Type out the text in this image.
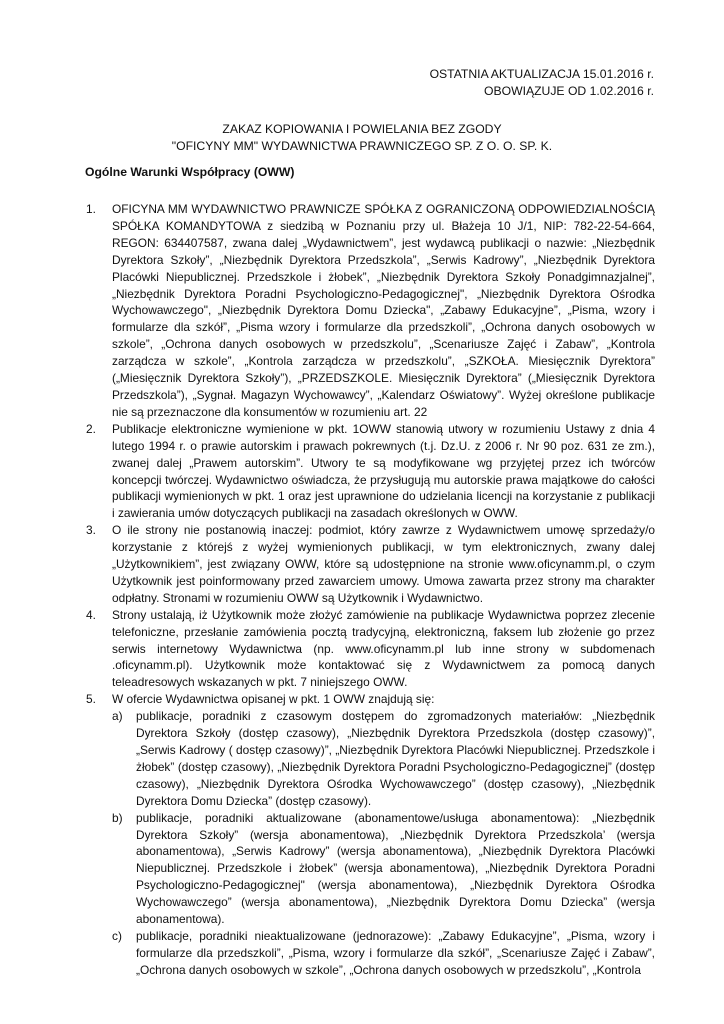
OSTATNIA AKTUALIZACJA 15.01.2016 r.
OBOWIĄZUJE OD 1.02.2016 r.
ZAKAZ KOPIOWANIA I POWIELANIA BEZ ZGODY
"OFICYNY MM" WYDAWNICTWA PRAWNICZEGO SP. Z O. O. SP. K.
Ogólne Warunki Współpracy (OWW)
1. OFICYNA MM WYDAWNICTWO PRAWNICZE SPÓŁKA Z OGRANICZONĄ ODPOWIEDZIALNOŚCIĄ SPÓŁKA KOMANDYTOWA z siedzibą w Poznaniu przy ul. Błażeja 10 J/1, NIP: 782-22-54-664, REGON: 634407587, zwana dalej „Wydawnictwem”, jest wydawcą publikacji o nazwie: „Niezbędnik Dyrektora Szkoły”, „Niezbędnik Dyrektora Przedszkola”, „Serwis Kadrowy”, „Niezbędnik Dyrektora Placówki Niepublicznej. Przedszkole i żłobek”, „Niezbędnik Dyrektora Szkoły Ponadgimnazjalnej”, „Niezbędnik Dyrektora Poradni Psychologiczno-Pedagogicznej", „Niezbędnik Dyrektora Ośrodka Wychowawczego", „Niezbędnik Dyrektora Domu Dziecka", „Zabawy Edukacyjne”, „Pisma, wzory i formularze dla szkół”, „Pisma wzory i formularze dla przedszkoli”, „Ochrona danych osobowych w szkole”, „Ochrona danych osobowych w przedszkolu”, „Scenariusze Zajęć i Zabaw”, „Kontrola zarządcza w szkole”, „Kontrola zarządcza w przedszkolu”, „SZKOŁA. Miesięcznik Dyrektora” („Miesięcznik Dyrektora Szkoły”), „PRZEDSZKOLE. Miesięcznik Dyrektora” („Miesięcznik Dyrektora Przedszkola”), „Sygnał. Magazyn Wychowawcy”, „Kalendarz Oświatowy”. Wyżej określone publikacje nie są przeznaczone dla konsumentów w rozumieniu art. 22
2. Publikacje elektroniczne wymienione w pkt. 1OWW stanowią utwory w rozumieniu Ustawy z dnia 4 lutego 1994 r. o prawie autorskim i prawach pokrewnych (t.j. Dz.U. z 2006 r. Nr 90 poz. 631 ze zm.), zwanej dalej „Prawem autorskim”. Utwory te są modyfikowane wg przyjętej przez ich twórców koncepcji twórczej. Wydawnictwo oświadcza, że przysługują mu autorskie prawa majątkowe do całości publikacji wymienionych w pkt. 1 oraz jest uprawnione do udzielania licencji na korzystanie z publikacji i zawierania umów dotyczących publikacji na zasadach określonych w OWW.
3. O ile strony nie postanowią inaczej: podmiot, który zawrze z Wydawnictwem umowę sprzedaży/o korzystanie z którejś z wyżej wymienionych publikacji, w tym elektronicznych, zwany dalej „Użytkownikiem”, jest związany OWW, które są udostępnione na stronie www.oficynamm.pl, o czym Użytkownik jest poinformowany przed zawarciem umowy. Umowa zawarta przez strony ma charakter odpłatny. Stronami w rozumieniu OWW są Użytkownik i Wydawnictwo.
4. Strony ustalają, iż Użytkownik może złożyć zamówienie na publikacje Wydawnictwa poprzez zlecenie telefoniczne, przesłanie zamówienia pocztą tradycyjną, elektroniczną, faksem lub złożenie go przez serwis internetowy Wydawnictwa (np. www.oficynamm.pl lub inne strony w subdomenach .oficynamm.pl). Użytkownik może kontaktować się z Wydawnictwem za pomocą danych teleadresowych wskazanych w pkt. 7 niniejszego OWW.
5. W ofercie Wydawnictwa opisanej w pkt. 1 OWW znajdują się:
a) publikacje, poradniki z czasowym dostępem do zgromadzonych materiałów: „Niezbędnik Dyrektora Szkoły (dostęp czasowy), „Niezbędnik Dyrektora Przedszkola (dostęp czasowy)”, „Serwis Kadrowy ( dostęp czasowy)”, „Niezbędnik Dyrektora Placówki Niepublicznej. Przedszkole i żłobek” (dostęp czasowy), „Niezbędnik Dyrektora Poradni Psychologiczno-Pedagogicznej” (dostęp czasowy), „Niezbędnik Dyrektora Ośrodka Wychowawczego” (dostęp czasowy), „Niezbędnik Dyrektora Domu Dziecka” (dostęp czasowy).
b) publikacje, poradniki aktualizowane (abonamentowe/usługa abonamentowa): „Niezbędnik Dyrektora Szkoły” (wersja abonamentowa), „Niezbędnik Dyrektora Przedszkola’ (wersja abonamentowa), „Serwis Kadrowy” (wersja abonamentowa), „Niezbędnik Dyrektora Placówki Niepublicznej. Przedszkole i żłobek” (wersja abonamentowa), „Niezbędnik Dyrektora Poradni Psychologiczno-Pedagogicznej" (wersja abonamentowa), „Niezbędnik Dyrektora Ośrodka Wychowawczego” (wersja abonamentowa), „Niezbędnik Dyrektora Domu Dziecka” (wersja abonamentowa).
c) publikacje, poradniki nieaktualizowane (jednorazowe): „Zabawy Edukacyjne”, „Pisma, wzory i formularze dla przedszkoli”, „Pisma, wzory i formularze dla szkół”, „Scenariusze Zajęć i Zabaw”, „Ochrona danych osobowych w szkole”, „Ochrona danych osobowych w przedszkolu”, „Kontrola
